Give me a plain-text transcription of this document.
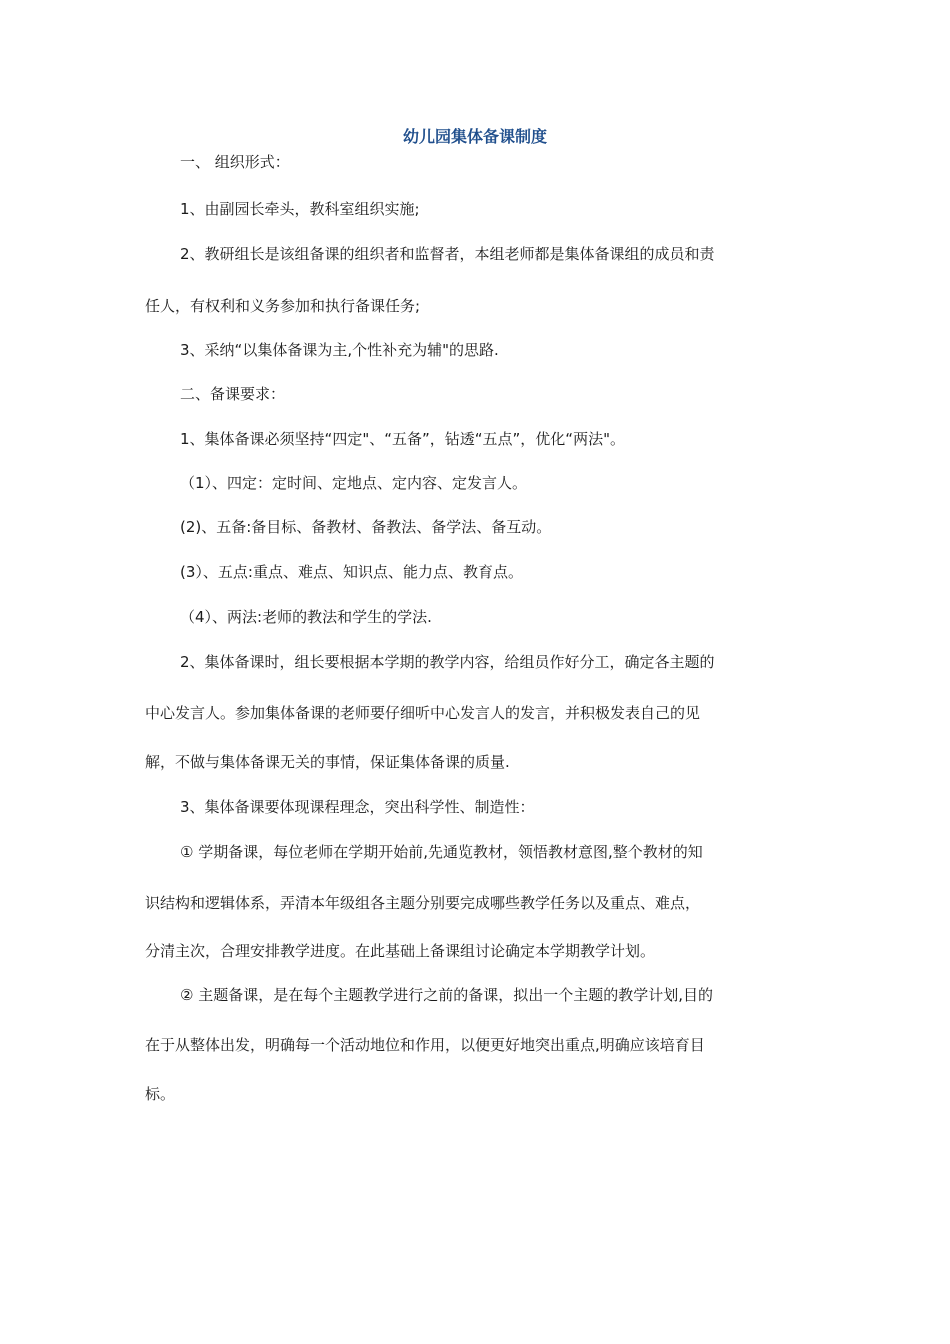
幼儿园集体备课制度
一、 组织形式：
1、由副园长牵头，教科室组织实施;
2、教研组长是该组备课的组织者和监督者，本组老师都是集体备课组的成员和责
任人，有权利和义务参加和执行备课任务;
3、采纳“以集体备课为主,个性补充为辅"的思路.
二、备课要求：
1、集体备课必须坚持“四定"、“五备”，钻透“五点”，优化“两法"。
（1）、四定：定时间、定地点、定内容、定发言人。
(2)、五备:备目标、备教材、备教法、备学法、备互动。
(3）、五点:重点、难点、知识点、能力点、教育点。
（4）、两法:老师的教法和学生的学法.
2、集体备课时，组长要根据本学期的教学内容，给组员作好分工，确定各主题的
中心发言人。参加集体备课的老师要仔细听中心发言人的发言，并积极发表自己的见
解，不做与集体备课无关的事情，保证集体备课的质量.
3、集体备课要体现课程理念，突出科学性、制造性：
① 学期备课，每位老师在学期开始前,先通览教材，领悟教材意图,整个教材的知
识结构和逻辑体系，弄清本年级组各主题分别要完成哪些教学任务以及重点、难点，
分清主次，合理安排教学进度。在此基础上备课组讨论确定本学期教学计划。
② 主题备课，是在每个主题教学进行之前的备课，拟出一个主题的教学计划,目的
在于从整体出发，明确每一个活动地位和作用，以便更好地突出重点,明确应该培育目
标。
